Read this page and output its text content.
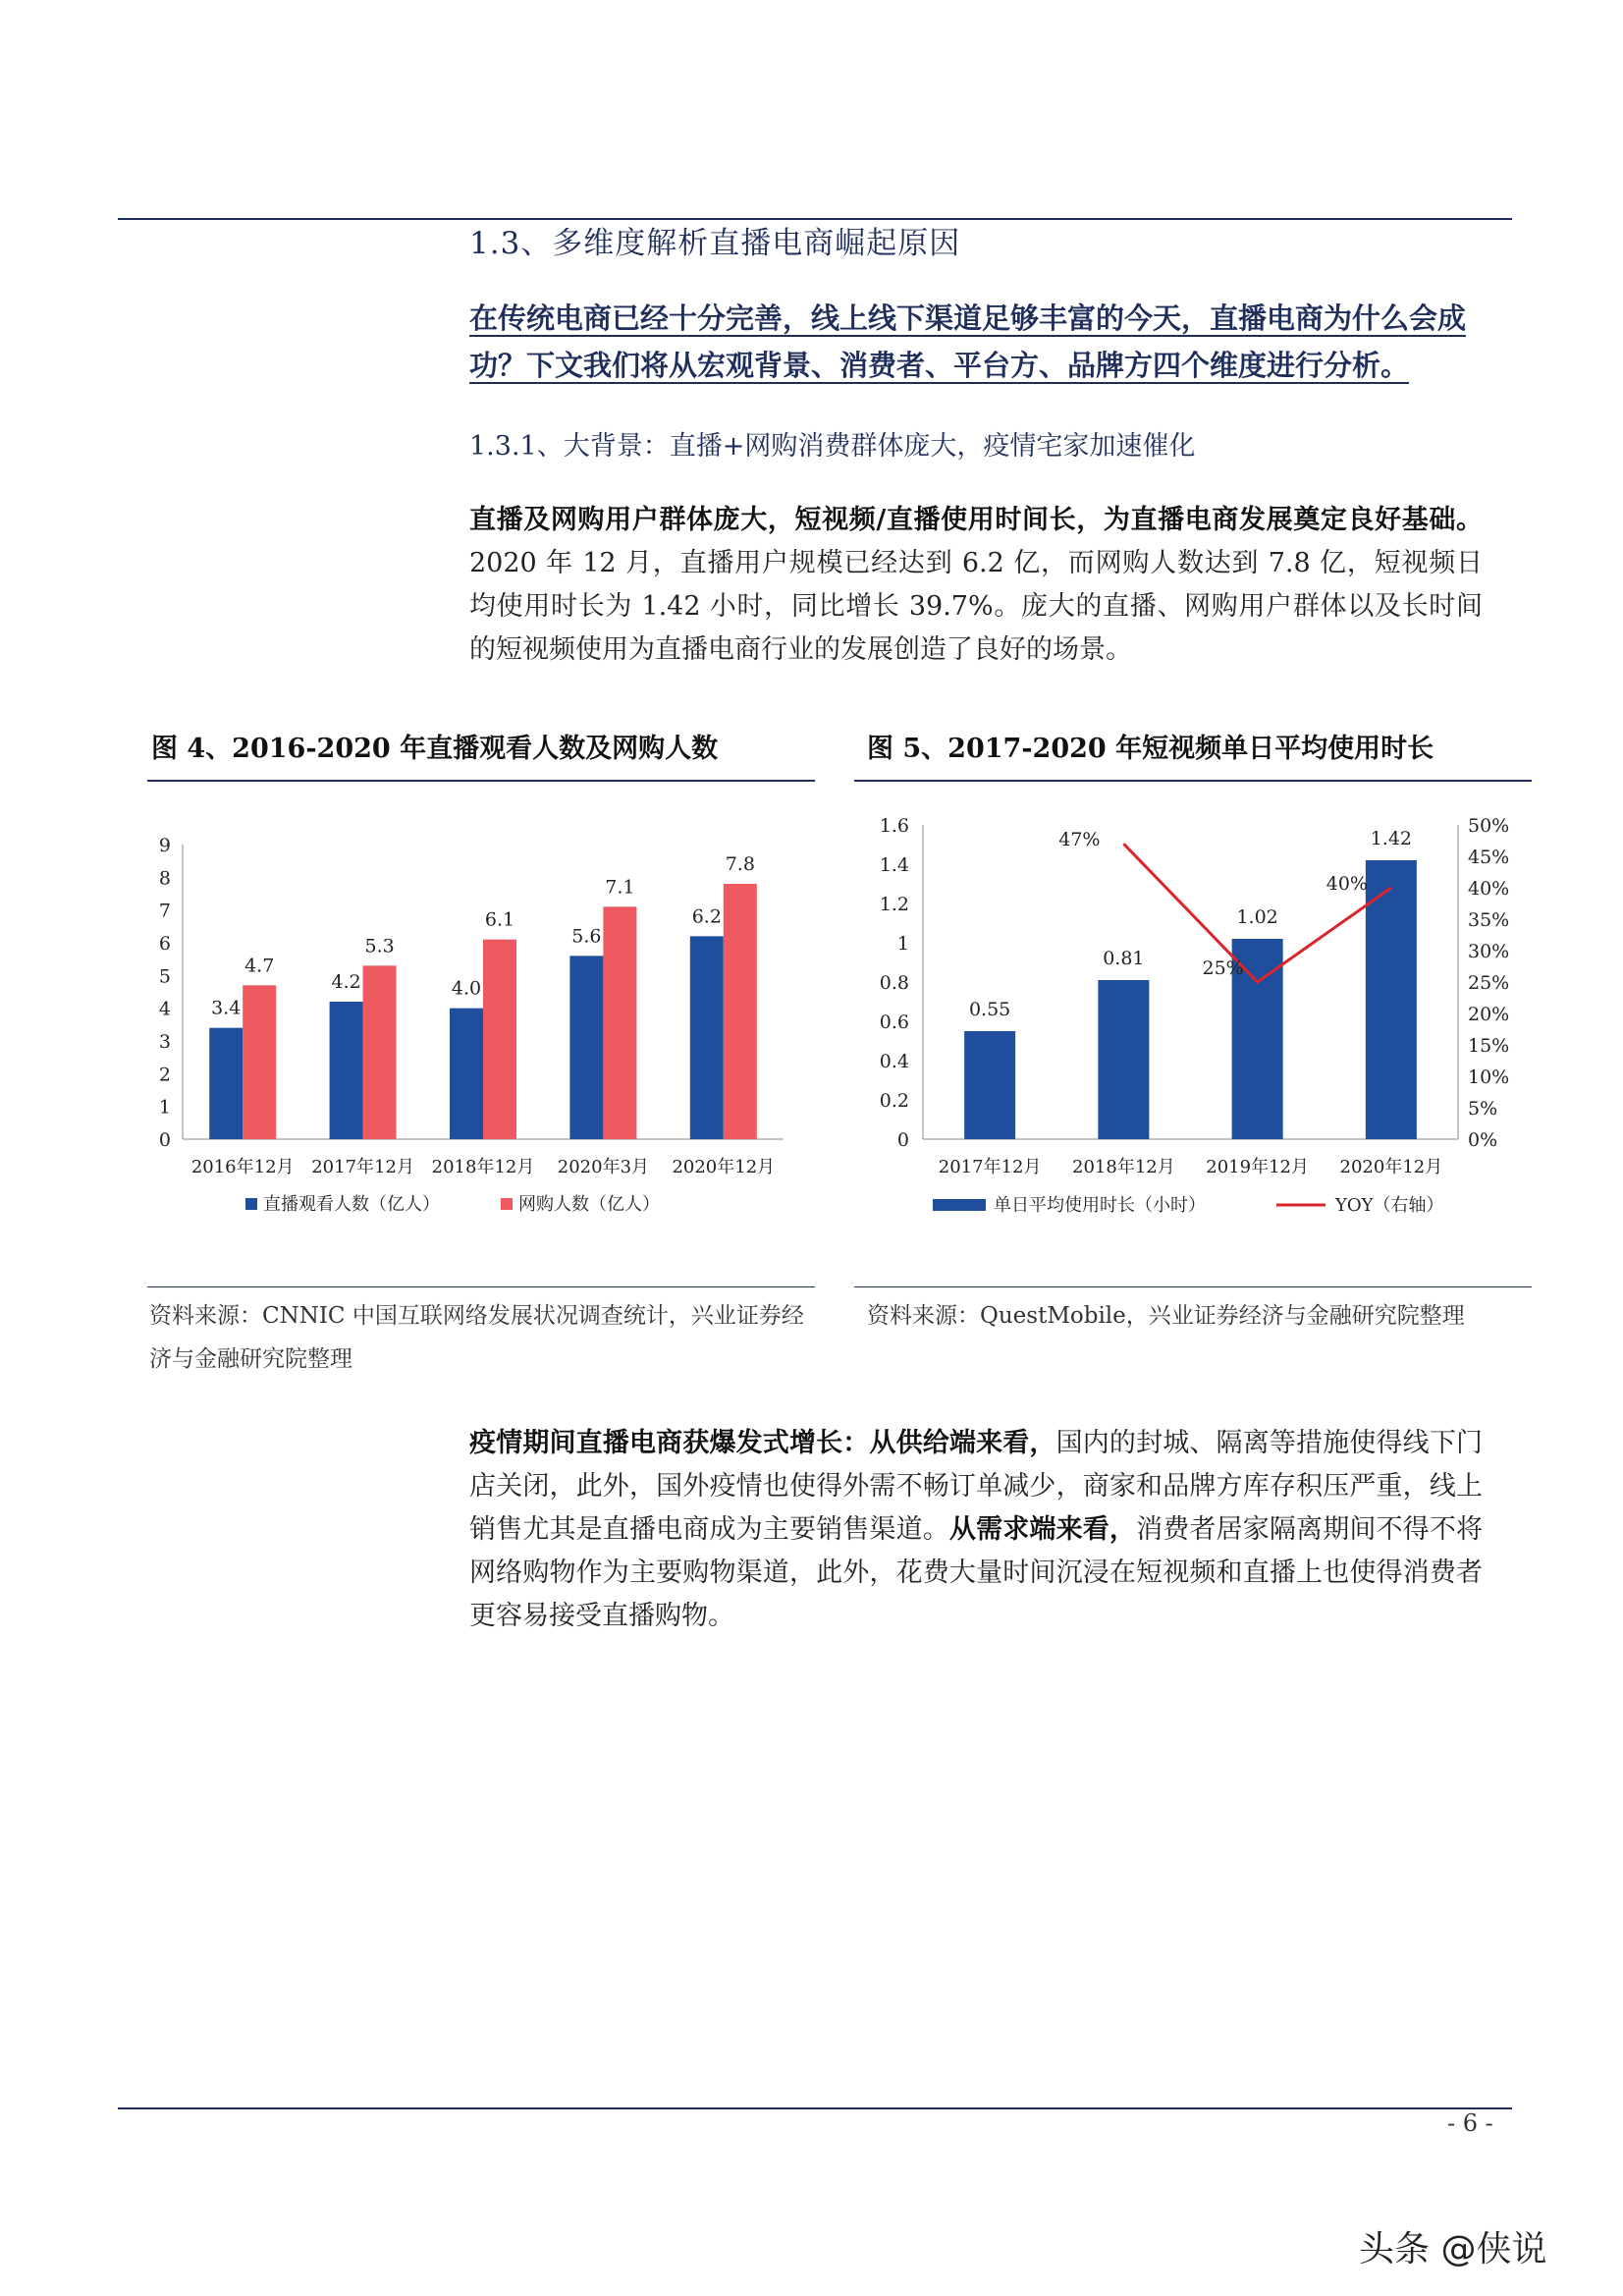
1.3、多维度解析直播电商崛起原因
在传统电商已经十分完善，线上线下渠道足够丰富的今天，直播电商为什么会成
功？下文我们将从宏观背景、消费者、平台方、品牌方四个维度进行分析。
1.3.1、大背景：直播+网购消费群体庞大，疫情宅家加速催化
直播及网购用户群体庞大，短视频/直播使用时间长，为直播电商发展奠定良好基础。2020 年 12 月，直播用户规模已经达到 6.2 亿，而网购人数达到 7.8 亿，短视频日均使用时长为 1.42 小时，同比增长 39.7%。庞大的直播、网购用户群体以及长时间的短视频使用为直播电商行业的发展创造了良好的场景。
图 4、2016-2020 年直播观看人数及网购人数	图 5、2017-2020 年短视频单日平均使用时长
0
1
2
3
4
5
6
7
8
9
3.4
4.7
2016年12月
4.2
5.3
2017年12月
4.0
6.1
2018年12月
5.6
7.1
2020年3月
6.2
7.8
2020年12月
直播观看人数（亿人）	网购人数（亿人）
0
0.2
0.4
0.6
0.8
1
1.2
1.4
1.6
0%
5%
10%
15%
20%
25%
30%
35%
40%
45%
50%
0.55
2017年12月
0.81
2018年12月
1.02
2019年12月
1.42
2020年12月
47%
25%
40%
单日平均使用时长（小时）	YOY（右轴）
资料来源：CNNIC 中国互联网络发展状况调查统计，兴业证券经济与金融研究院整理
资料来源：QuestMobile，兴业证券经济与金融研究院整理
疫情期间直播电商获爆发式增长：从供给端来看，国内的封城、隔离等措施使得线下门店关闭，此外，国外疫情也使得外需不畅订单减少，商家和品牌方库存积压严重，线上销售尤其是直播电商成为主要销售渠道。从需求端来看，消费者居家隔离期间不得不将网络购物作为主要购物渠道，此外，花费大量时间沉浸在短视频和直播上也使得消费者更容易接受直播购物。
- 6 -
头条 @侠说
